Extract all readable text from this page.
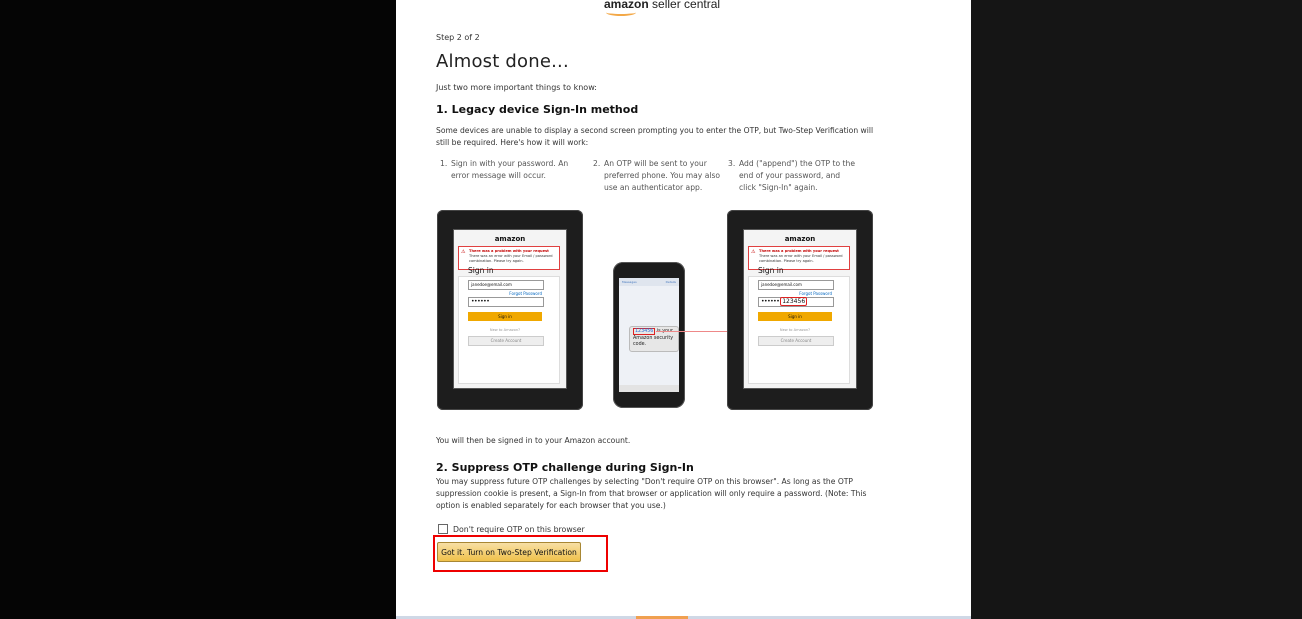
amazon seller central
Step 2 of 2
Almost done...
Just two more important things to know:
1. Legacy device Sign-In method
Some devices are unable to display a second screen prompting you to enter the OTP, but Two-Step Verification will still be required. Here's how it will work:
1. Sign in with your password. An error message will occur.
2. An OTP will be sent to your preferred phone. You may also use an authenticator app.
3. Add ("append") the OTP to the end of your password, and click "Sign-In" again.
amazon
⚠ There was a problem with your request
There was an error with your Email / password combination. Please try again.
Sign in
janedoe@email.com
Forgot Password
••••••
Sign in
New to Amazon?
Create Account
Messages	Details
123456 Amazon security code.
amazon
⚠ There was a problem with your request
There was an error with your Email / password combination. Please try again.
Sign in
janedoe@email.com
Forgot Password
•••••• 123456
Sign in
New to Amazon?
Create Account
You will then be signed in to your Amazon account.
2. Suppress OTP challenge during Sign-In
You may suppress future OTP challenges by selecting "Don't require OTP on this browser". As long as the OTP suppression cookie is present, a Sign-In from that browser or application will only require a password. (Note: This option is enabled separately for each browser that you use.)
Don't require OTP on this browser
Got it. Turn on Two-Step Verification
